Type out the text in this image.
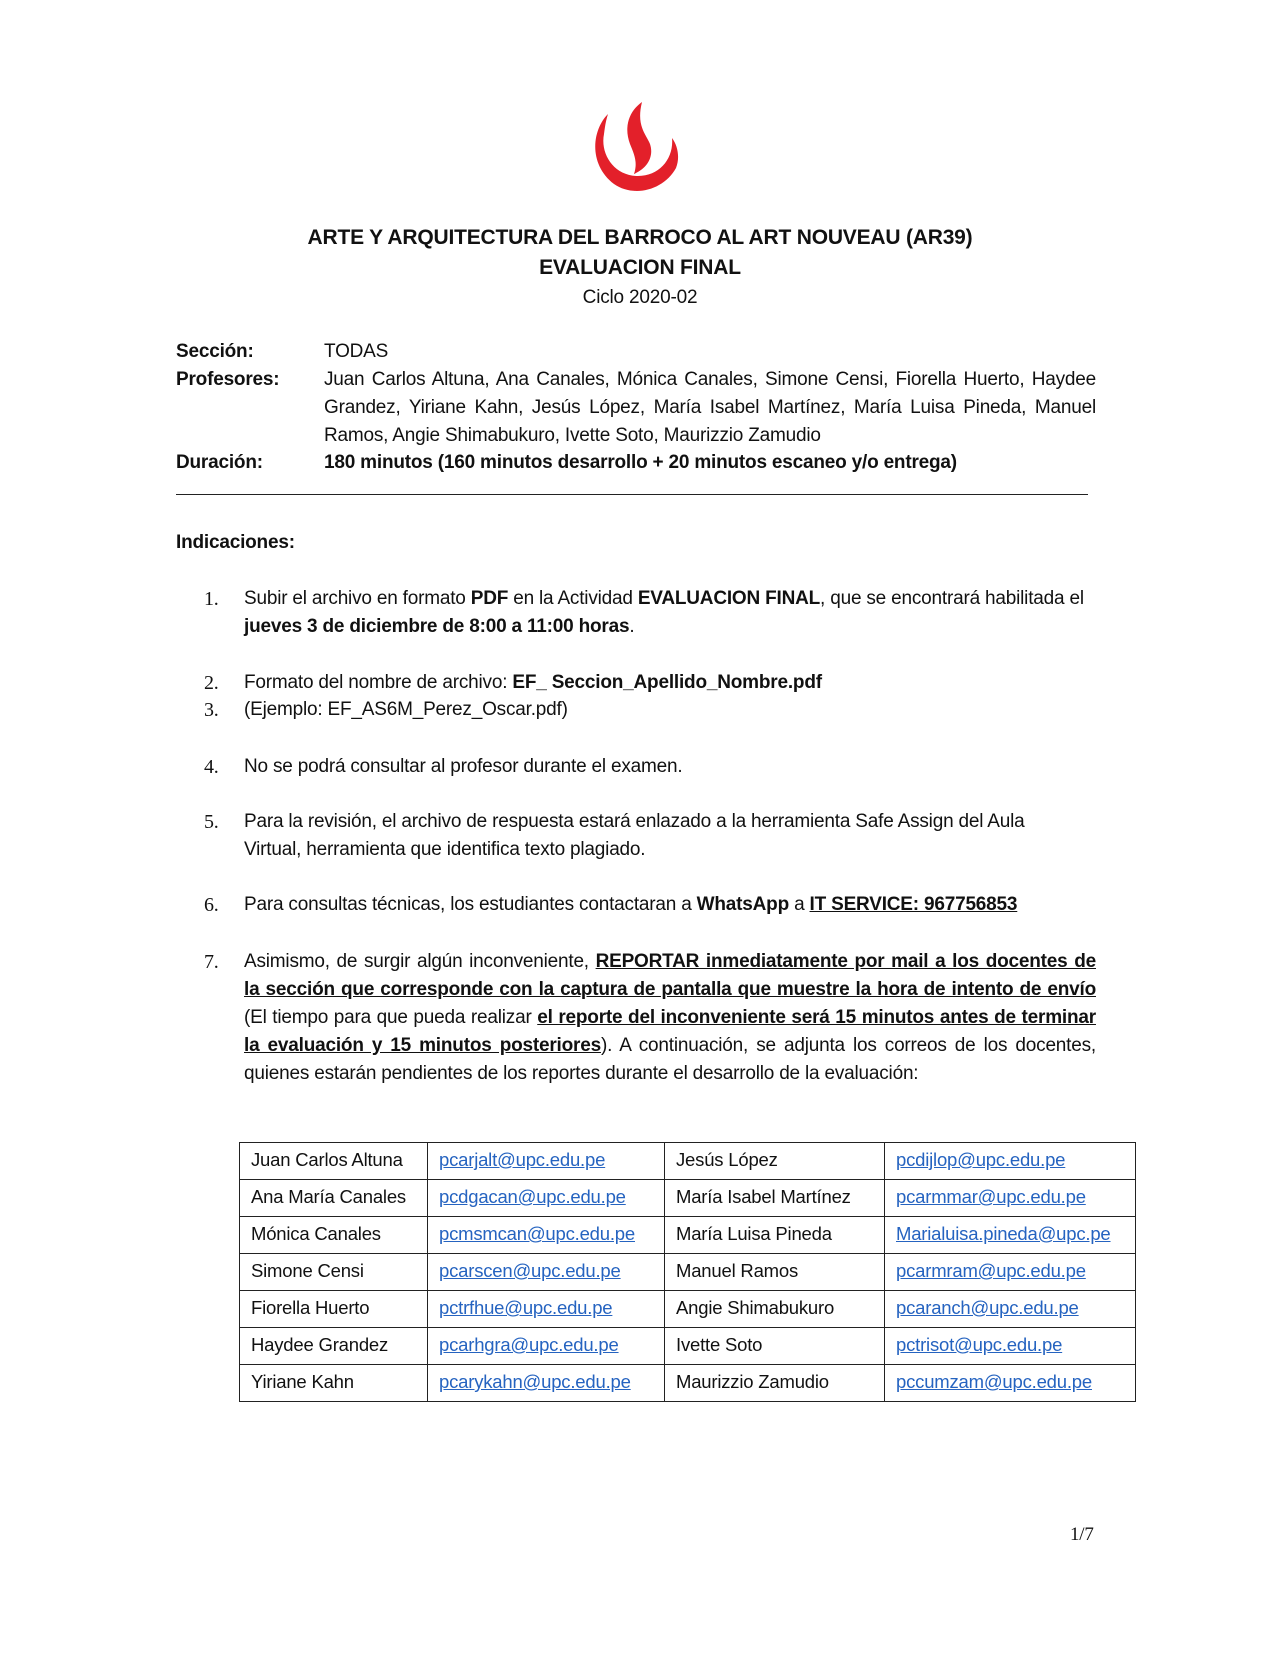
ARTE Y ARQUITECTURA DEL BARROCO AL ART NOUVEAU (AR39)
EVALUACION FINAL
Ciclo 2020-02
Sección:	TODAS
Profesores: Juan Carlos Altuna, Ana Canales, Mónica Canales, Simone Censi, Fiorella Huerto, Haydee Grandez, Yiriane Kahn, Jesús López, María Isabel Martínez, María Luisa Pineda, Manuel Ramos, Angie Shimabukuro, Ivette Soto, Maurizzio Zamudio
Duración:	180 minutos (160 minutos desarrollo + 20 minutos escaneo y/o entrega)
Indicaciones:
1. Subir el archivo en formato PDF en la Actividad EVALUACION FINAL, que se encontrará habilitada el jueves 3 de diciembre de 8:00 a 11:00 horas.
2. Formato del nombre de archivo: EF_ Seccion_Apellido_Nombre.pdf
3. (Ejemplo: EF_AS6M_Perez_Oscar.pdf)
4. No se podrá consultar al profesor durante el examen.
5. Para la revisión, el archivo de respuesta estará enlazado a la herramienta Safe Assign del Aula Virtual, herramienta que identifica texto plagiado.
6. Para consultas técnicas, los estudiantes contactaran a WhatsApp a IT SERVICE: 967756853
7. Asimismo, de surgir algún inconveniente, REPORTAR inmediatamente por mail a los docentes de la sección que corresponde con la captura de pantalla que muestre la hora de intento de envío (El tiempo para que pueda realizar el reporte del inconveniente será 15 minutos antes de terminar la evaluación y 15 minutos posteriores). A continuación, se adjunta los correos de los docentes, quienes estarán pendientes de los reportes durante el desarrollo de la evaluación:
Juan Carlos Altuna	pcarjalt@upc.edu.pe	Jesús López	pcdijlop@upc.edu.pe
Ana María Canales	pcdgacan@upc.edu.pe	María Isabel Martínez	pcarmmar@upc.edu.pe
Mónica Canales	pcmsmcan@upc.edu.pe	María Luisa Pineda	Marialuisa.pineda@upc.pe
Simone Censi	pcarscen@upc.edu.pe	Manuel Ramos	pcarmram@upc.edu.pe
Fiorella Huerto	pctrfhue@upc.edu.pe	Angie Shimabukuro	pcaranch@upc.edu.pe
Haydee Grandez	pcarhgra@upc.edu.pe	Ivette Soto	pctrisot@upc.edu.pe
Yiriane Kahn	pcarykahn@upc.edu.pe	Maurizzio Zamudio	pccumzam@upc.edu.pe
1/7
